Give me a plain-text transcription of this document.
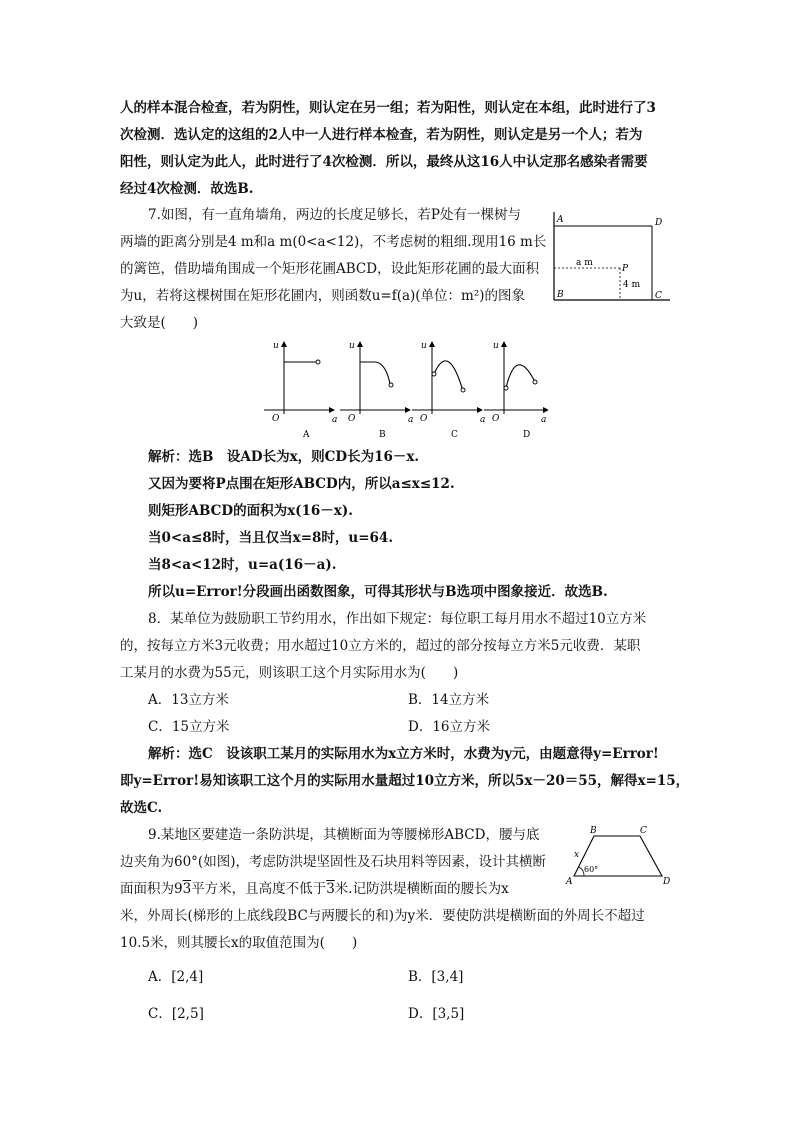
人的样本混合检查，若为阴性，则认定在另一组；若为阳性，则认定在本组，此时进行了3
次检测．选认定的这组的2人中一人进行样本检查，若为阴性，则认定是另一个人；若为
阳性，则认定为此人，此时进行了4次检测．所以，最终从这16人中认定那名感染者需要
经过4次检测．故选B.
7.如图，有一直角墙角，两边的长度足够长，若P处有一棵树与
两墙的距离分别是4 m和a m(0<a<12)，不考虑树的粗细.现用16 m长
的篱笆，借助墙角围成一个矩形花圃ABCD，设此矩形花圃的最大面积
为u，若将这棵树围在矩形花圃内，则函数u=f(a)(单位：m²)的图象
大致是(　　)
A	D
B	C
P
a m
4 m
u
O	a
A
u
O	a
B
u
O	a
C
u
O	a
D
解析：选B　设AD长为x，则CD长为16－x.
又因为要将P点围在矩形ABCD内，所以a≤x≤12.
则矩形ABCD的面积为x(16－x).
当0<a≤8时，当且仅当x=8时，u=64.
当8<a<12时，u=a(16－a).
所以u=Error!分段画出函数图象，可得其形状与B选项中图象接近．故选B.
8．某单位为鼓励职工节约用水，作出如下规定：每位职工每月用水不超过10立方米
的，按每立方米3元收费；用水超过10立方米的，超过的部分按每立方米5元收费．某职
工某月的水费为55元，则该职工这个月实际用水为(　　)
A．13立方米	B．14立方米
C．15立方米	D．16立方米
解析：选C　设该职工某月的实际用水为x立方米时，水费为y元，由题意得y=Error!
即y=Error!易知该职工这个月的实际用水量超过10立方米，所以5x－20＝55，解得x=15，
故选C.
9.某地区要建造一条防洪堤，其横断面为等腰梯形ABCD，腰与底
边夹角为60°(如图)，考虑防洪堤坚固性及石块用料等因素，设计其横断
面面积为93平方米，且高度不低于3米.记防洪堤横断面的腰长为x
米，外周长(梯形的上底线段BC与两腰长的和)为y米．要使防洪堤横断面的外周长不超过
10.5米，则其腰长x的取值范围为(　　)
B	C
A	D
x
60°
A．[2,4]	B．[3,4]
C．[2,5]	D．[3,5]
